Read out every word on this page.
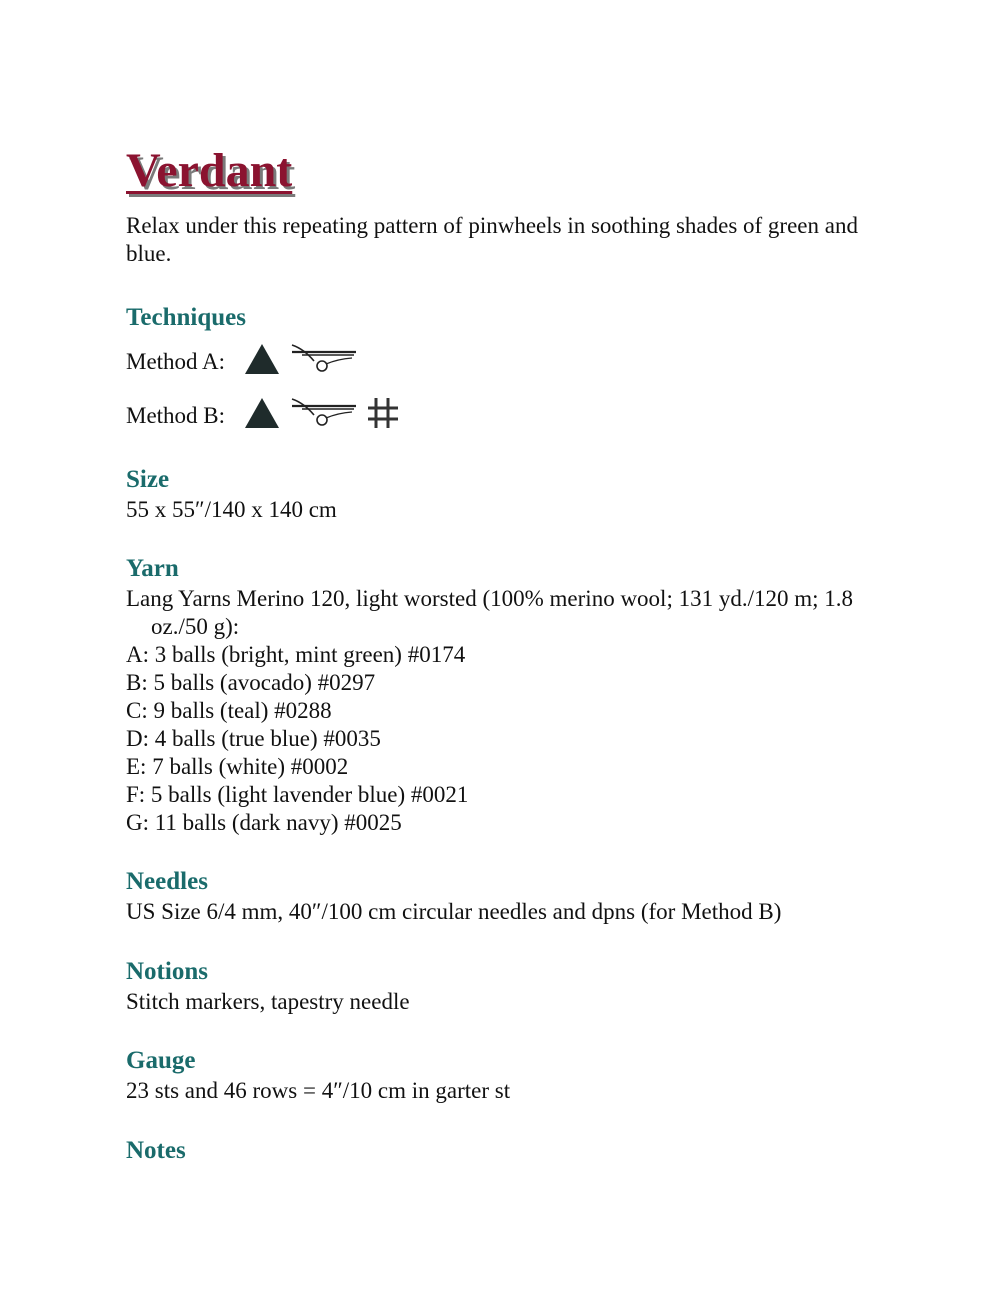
Verdant

Relax under this repeating pattern of pinwheels in soothing shades of green and blue.

Techniques
Method A:
Method B:
Size

55 x 55″/140 x 140 cm

Yarn

Lang Yarns Merino 120, light worsted (100% merino wool; 131 yd./120 m; 1.8 oz./50 g):

A: 3 balls (bright, mint green) #0174

B: 5 balls (avocado) #0297

C: 9 balls (teal) #0288

D: 4 balls (true blue) #0035

E: 7 balls (white) #0002

F: 5 balls (light lavender blue) #0021

G: 11 balls (dark navy) #0025

Needles

US Size 6/4 mm, 40″/100 cm circular needles and dpns (for Method B)

Notions

Stitch markers, tapestry needle

Gauge

23 sts and 46 rows = 4″/10 cm in garter st

Notes
